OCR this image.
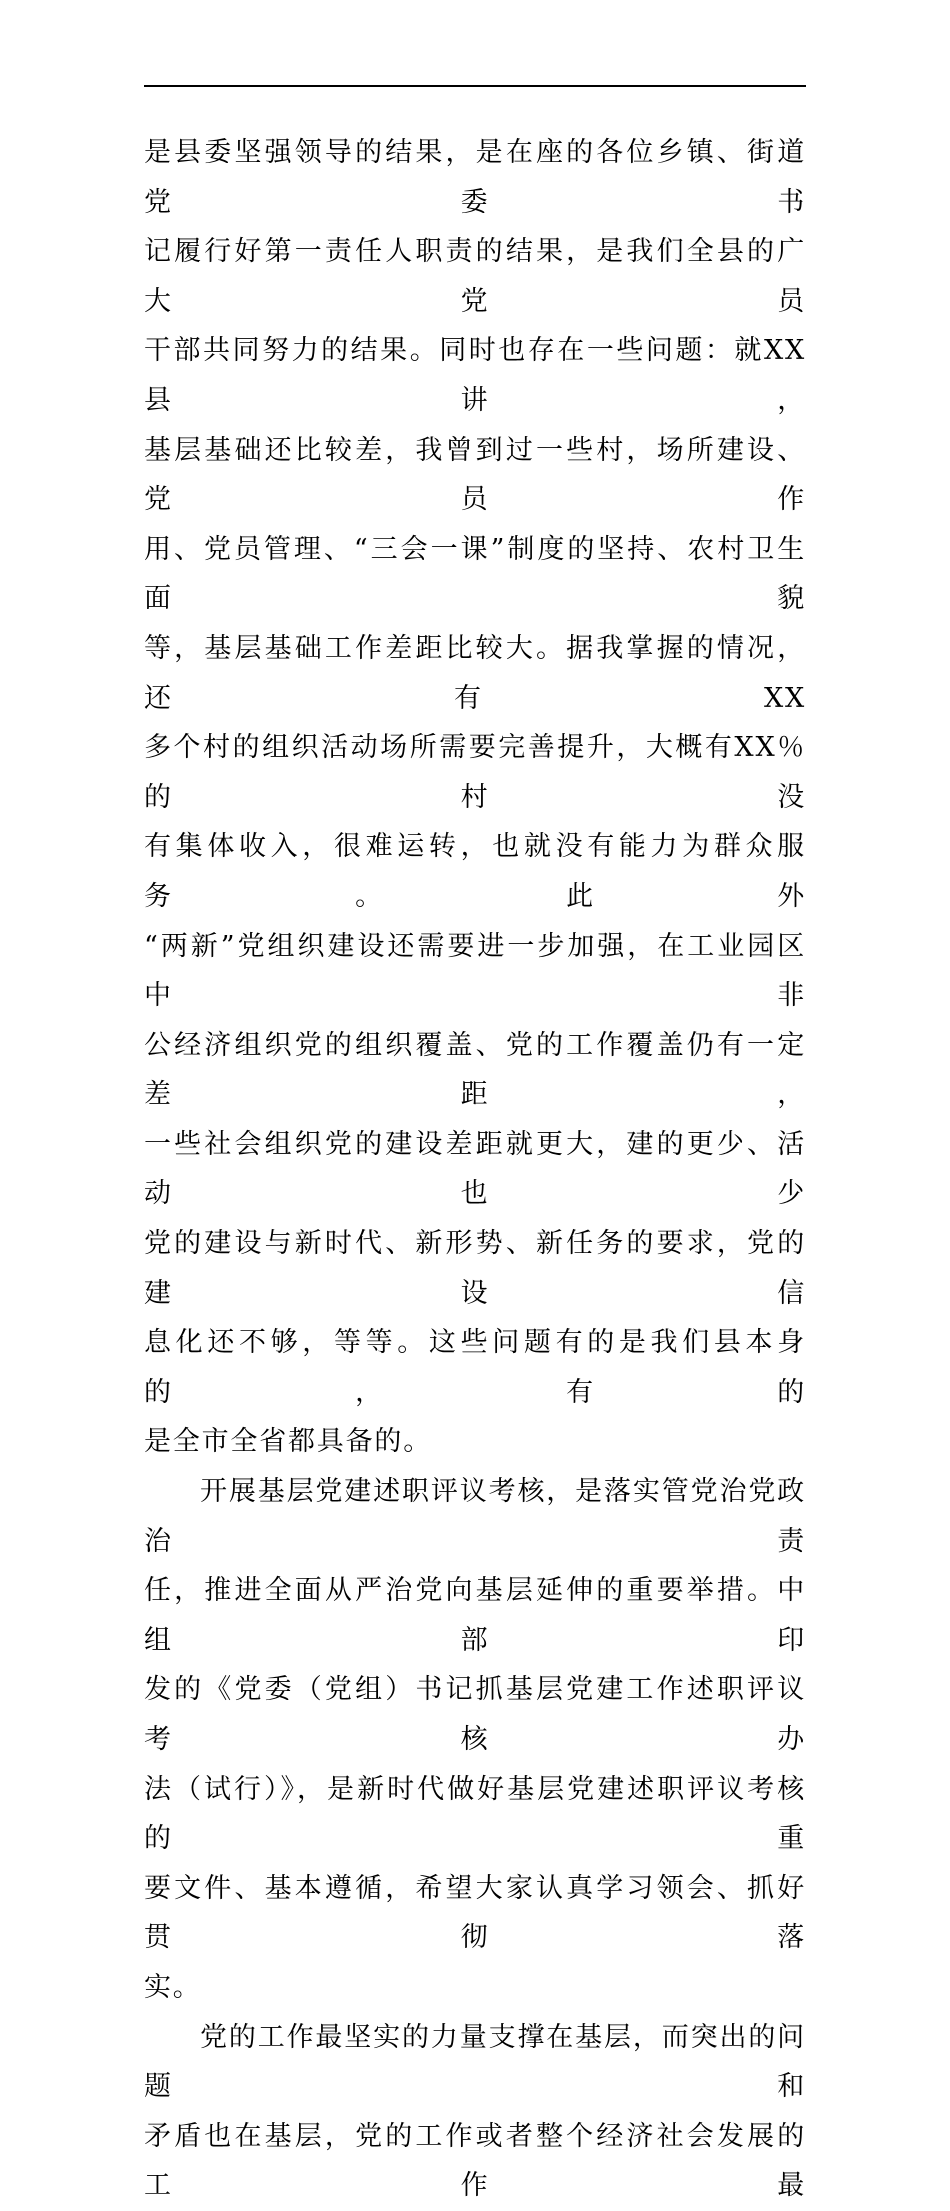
是县委坚强领导的结果，是在座的各位乡镇、街道党委书

记履行好第一责任人职责的结果，是我们全县的广大党员

干部共同努力的结果。同时也存在一些问题：就XX县讲，

基层基础还比较差，我曾到过一些村，场所建设、党员作

用、党员管理、“三会一课”制度的坚持、农村卫生面貌

等，基层基础工作差距比较大。据我掌握的情况，还有XX

多个村的组织活动场所需要完善提升，大概有XX％的村没

有集体收入，很难运转，也就没有能力为群众服务。此外

“两新”党组织建设还需要进一步加强，在工业园区中非

公经济组织党的组织覆盖、党的工作覆盖仍有一定差距，

一些社会组织党的建设差距就更大，建的更少、活动也少

党的建设与新时代、新形势、新任务的要求，党的建设信

息化还不够，等等。这些问题有的是我们县本身的，有的

是全市全省都具备的。

开展基层党建述职评议考核，是落实管党治党政治责

任，推进全面从严治党向基层延伸的重要举措。中组部印

发的《党委（党组）书记抓基层党建工作述职评议考核办

法（试行）》，是新时代做好基层党建述职评议考核的重

要文件、基本遵循，希望大家认真学习领会、抓好贯彻落

实。

党的工作最坚实的力量支撑在基层，而突出的问题和

矛盾也在基层，党的工作或者整个经济社会发展的工作最
